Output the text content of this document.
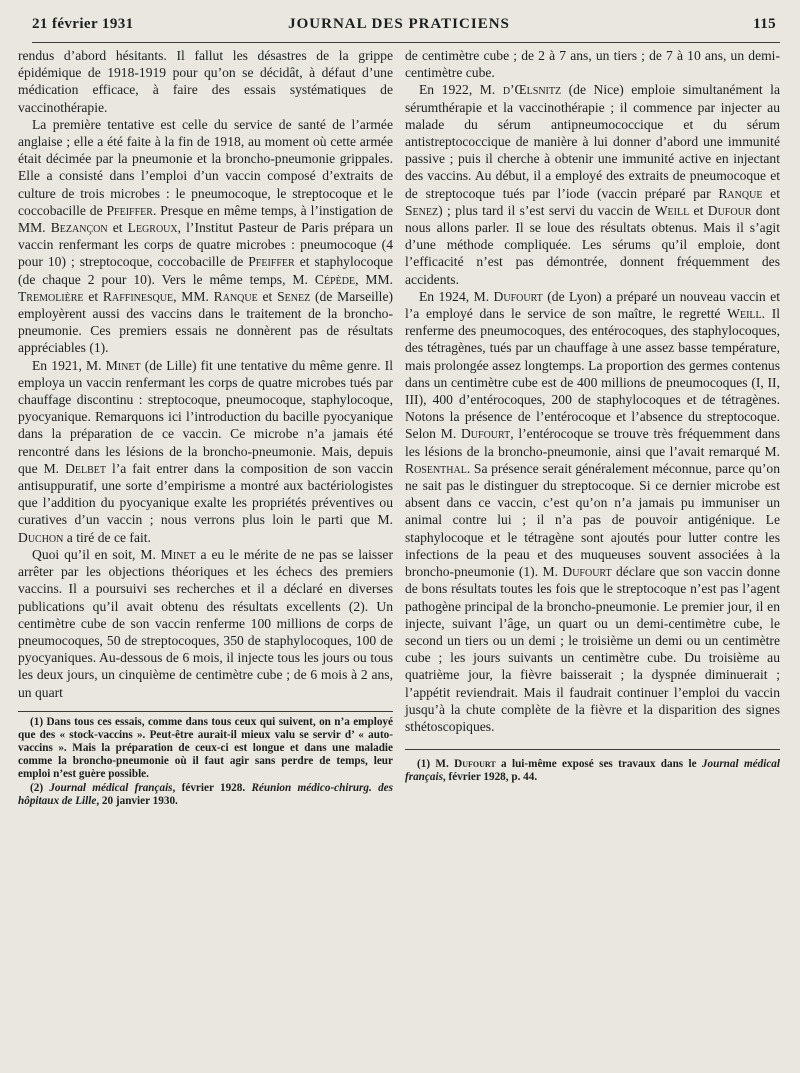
21 février 1931	JOURNAL DES PRATICIENS	115

rendus d’abord hésitants. Il fallut les désastres de la grippe épidémique de 1918-1919 pour qu’on se décidât, à défaut d’une médication efficace, à faire des essais systématiques de vaccinothérapie.

La première tentative est celle du service de santé de l’armée anglaise ; elle a été faite à la fin de 1918, au moment où cette armée était décimée par la pneumonie et la broncho-pneumonie grippales. Elle a consisté dans l’emploi d’un vaccin composé d’extraits de culture de trois microbes : le pneumocoque, le streptocoque et le coccobacille de Pfeiffer. Presque en même temps, à l’instigation de MM. Bezançon et Legroux, l’Institut Pasteur de Paris prépara un vaccin renfermant les corps de quatre microbes : pneumocoque (4 pour 10) ; streptocoque, coccobacille de Pfeiffer et staphylocoque (de chaque 2 pour 10). Vers le même temps, M. Cépède, MM. Tremolière et Raffinesque, MM. Ranque et Senez (de Marseille) employèrent aussi des vaccins dans le traitement de la broncho-pneumonie. Ces premiers essais ne donnèrent pas de résultats appréciables (1).

En 1921, M. Minet (de Lille) fit une tentative du même genre. Il employa un vaccin renfermant les corps de quatre microbes tués par chauffage discontinu : streptocoque, pneumocoque, staphylocoque, pyocyanique. Remarquons ici l’introduction du bacille pyocyanique dans la préparation de ce vaccin. Ce microbe n’a jamais été rencontré dans les lésions de la broncho-pneumonie. Mais, depuis que M. Delbet l’a fait entrer dans la composition de son vaccin antisuppuratif, une sorte d’empirisme a montré aux bactériologistes que l’addition du pyocyanique exalte les propriétés préventives ou curatives d’un vaccin ; nous verrons plus loin le parti que M. Duchon a tiré de ce fait.

Quoi qu’il en soit, M. Minet a eu le mérite de ne pas se laisser arrêter par les objections théoriques et les échecs des premiers vaccins. Il a poursuivi ses recherches et il a déclaré en diverses publications qu’il avait obtenu des résultats excellents (2). Un centimètre cube de son vaccin renferme 100 millions de corps de pneumocoques, 50 de streptocoques, 350 de staphylocoques, 100 de pyocyaniques. Au-dessous de 6 mois, il injecte tous les jours ou tous les deux jours, un cinquième de centimètre cube ; de 6 mois à 2 ans, un quart

(1) Dans tous ces essais, comme dans tous ceux qui suivent, on n’a employé que des « stock-vaccins ». Peut-être aurait-il mieux valu se servir d’ « auto-vaccins ». Mais la préparation de ceux-ci est longue et dans une maladie comme la broncho-pneumonie où il faut agir sans perdre de temps, leur emploi n’est guère possible.

(2) Journal médical français, février 1928. Réunion médico-chirurg. des hôpitaux de Lille, 20 janvier 1930.

de centimètre cube ; de 2 à 7 ans, un tiers ; de 7 à 10 ans, un demi-centimètre cube.

En 1922, M. d’Œlsnitz (de Nice) emploie simultanément la sérumthérapie et la vaccinothérapie ; il commence par injecter au malade du sérum antipneumococcique et du sérum antistreptococcique de manière à lui donner d’abord une immunité passive ; puis il cherche à obtenir une immunité active en injectant des vaccins. Au début, il a employé des extraits de pneumocoque et de streptocoque tués par l’iode (vaccin préparé par Ranque et Senez) ; plus tard il s’est servi du vaccin de Weill et Dufour dont nous allons parler. Il se loue des résultats obtenus. Mais il s’agit d’une méthode compliquée. Les sérums qu’il emploie, dont l’efficacité n’est pas démontrée, donnent fréquemment des accidents.

En 1924, M. Dufourt (de Lyon) a préparé un nouveau vaccin et l’a employé dans le service de son maître, le regretté Weill. Il renferme des pneumocoques, des entérocoques, des staphylocoques, des tétragènes, tués par un chauffage à une assez basse température, mais prolongée assez longtemps. La proportion des germes contenus dans un centimètre cube est de 400 millions de pneumocoques (I, II, III), 400 d’entérocoques, 200 de staphylocoques et de tétragènes. Notons la présence de l’entérocoque et l’absence du streptocoque. Selon M. Dufourt, l’entérocoque se trouve très fréquemment dans les lésions de la broncho-pneumonie, ainsi que l’avait remarqué M. Rosenthal. Sa présence serait généralement méconnue, parce qu’on ne sait pas le distinguer du streptocoque. Si ce dernier microbe est absent dans ce vaccin, c’est qu’on n’a jamais pu immuniser un animal contre lui ; il n’a pas de pouvoir antigénique. Le staphylocoque et le tétragène sont ajoutés pour lutter contre les infections de la peau et des muqueuses souvent associées à la broncho-pneumonie (1). M. Dufourt déclare que son vaccin donne de bons résultats toutes les fois que le streptocoque n’est pas l’agent pathogène principal de la broncho-pneumonie. Le premier jour, il en injecte, suivant l’âge, un quart ou un demi-centimètre cube, le second un tiers ou un demi ; le troisième un demi ou un centimètre cube ; les jours suivants un centimètre cube. Du troisième au quatrième jour, la fièvre baisserait ; la dyspnée diminuerait ; l’appétit reviendrait. Mais il faudrait continuer l’emploi du vaccin jusqu’à la chute complète de la fièvre et la disparition des signes sthétoscopiques.

(1) M. Dufourt a lui-même exposé ses travaux dans le Journal médical français, février 1928, p. 44.
